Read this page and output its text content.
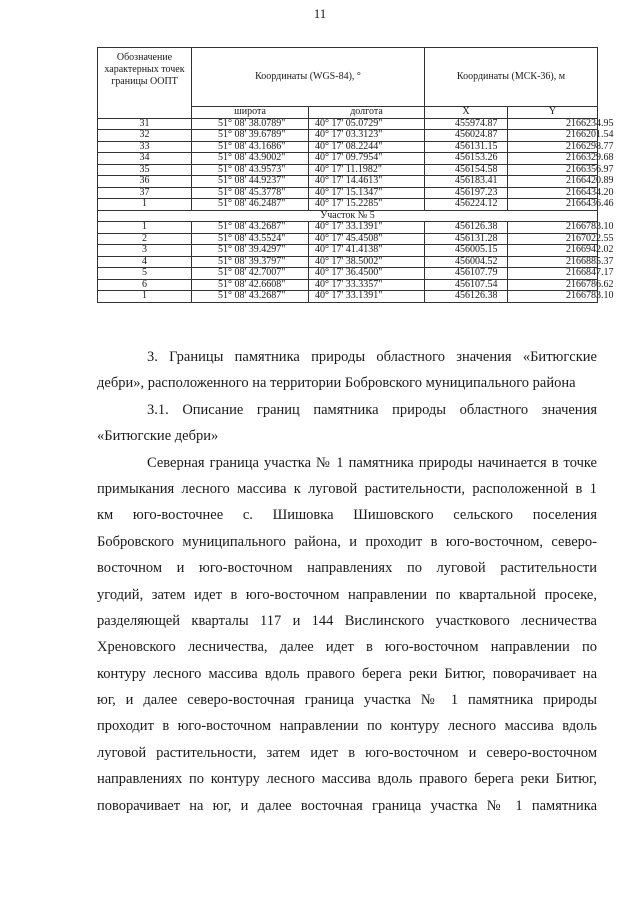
11
Обозначение характерных точек границы ООПТ	Координаты (WGS-84), °		Координаты (МСК-36), м	
	широта	долгота	X	Y
31	51° 08' 38.0789"	40° 17' 05.0729"	455974.87	2166234.95
32	51° 08' 39.6789"	40° 17' 03.3123"	456024.87	2166201.54
33	51° 08' 43.1686"	40° 17' 08.2244"	456131.15	2166298.77
34	51° 08' 43.9002"	40° 17' 09.7954"	456153.26	2166329.68
35	51° 08' 43.9573"	40° 17' 11.1982"	456154.58	2166356.97
36	51° 08' 44.9237"	40° 17' 14.4613"	456183.41	2166420.89
37	51° 08' 45.3778"	40° 17' 15.1347"	456197.23	2166434.20
1	51° 08' 46.2487"	40° 17' 15.2285"	456224.12	2166436.46
Участок № 5				
1	51° 08' 43.2687"	40° 17' 33.1391"	456126.38	2166783.10
2	51° 08' 43.5524"	40° 17' 45.4508"	456131.28	2167022.55
3	51° 08' 39.4297"	40° 17' 41.4138"	456005.15	2166942.02
4	51° 08' 39.3797"	40° 17' 38.5002"	456004.52	2166885.37
5	51° 08' 42.7007"	40° 17' 36.4500"	456107.79	2166847.17
6	51° 08' 42.6608"	40° 17' 33.3357"	456107.54	2166786.62
1	51° 08' 43.2687"	40° 17' 33.1391"	456126.38	2166783.10
3. Границы памятника природы областного значения «Битюгские
дебри», расположенного на территории Бобровского муниципального района
3.1. Описание границ памятника природы областного значения
«Битюгские дебри»
Северная граница участка № 1 памятника природы начинается в точке
примыкания лесного массива к луговой растительности, расположенной в 1
км юго-восточнее с. Шишовка Шишовского сельского поселения
Бобровского муниципального района, и проходит в юго-восточном, северо-
восточном и юго-восточном направлениях по луговой растительности
угодий, затем идет в юго-восточном направлении по квартальной просеке,
разделяющей кварталы 117 и 144 Вислинского участкового лесничества
Хреновского лесничества, далее идет в юго-восточном направлении по
контуру лесного массива вдоль правого берега реки Битюг, поворачивает на
юг, и далее северо-восточная граница участка № 1 памятника природы
проходит в юго-восточном направлении по контуру лесного массива вдоль
луговой растительности, затем идет в юго-восточном и северо-восточном
направлениях по контуру лесного массива вдоль правого берега реки Битюг,
поворачивает на юг, и далее восточная граница участка № 1 памятника
